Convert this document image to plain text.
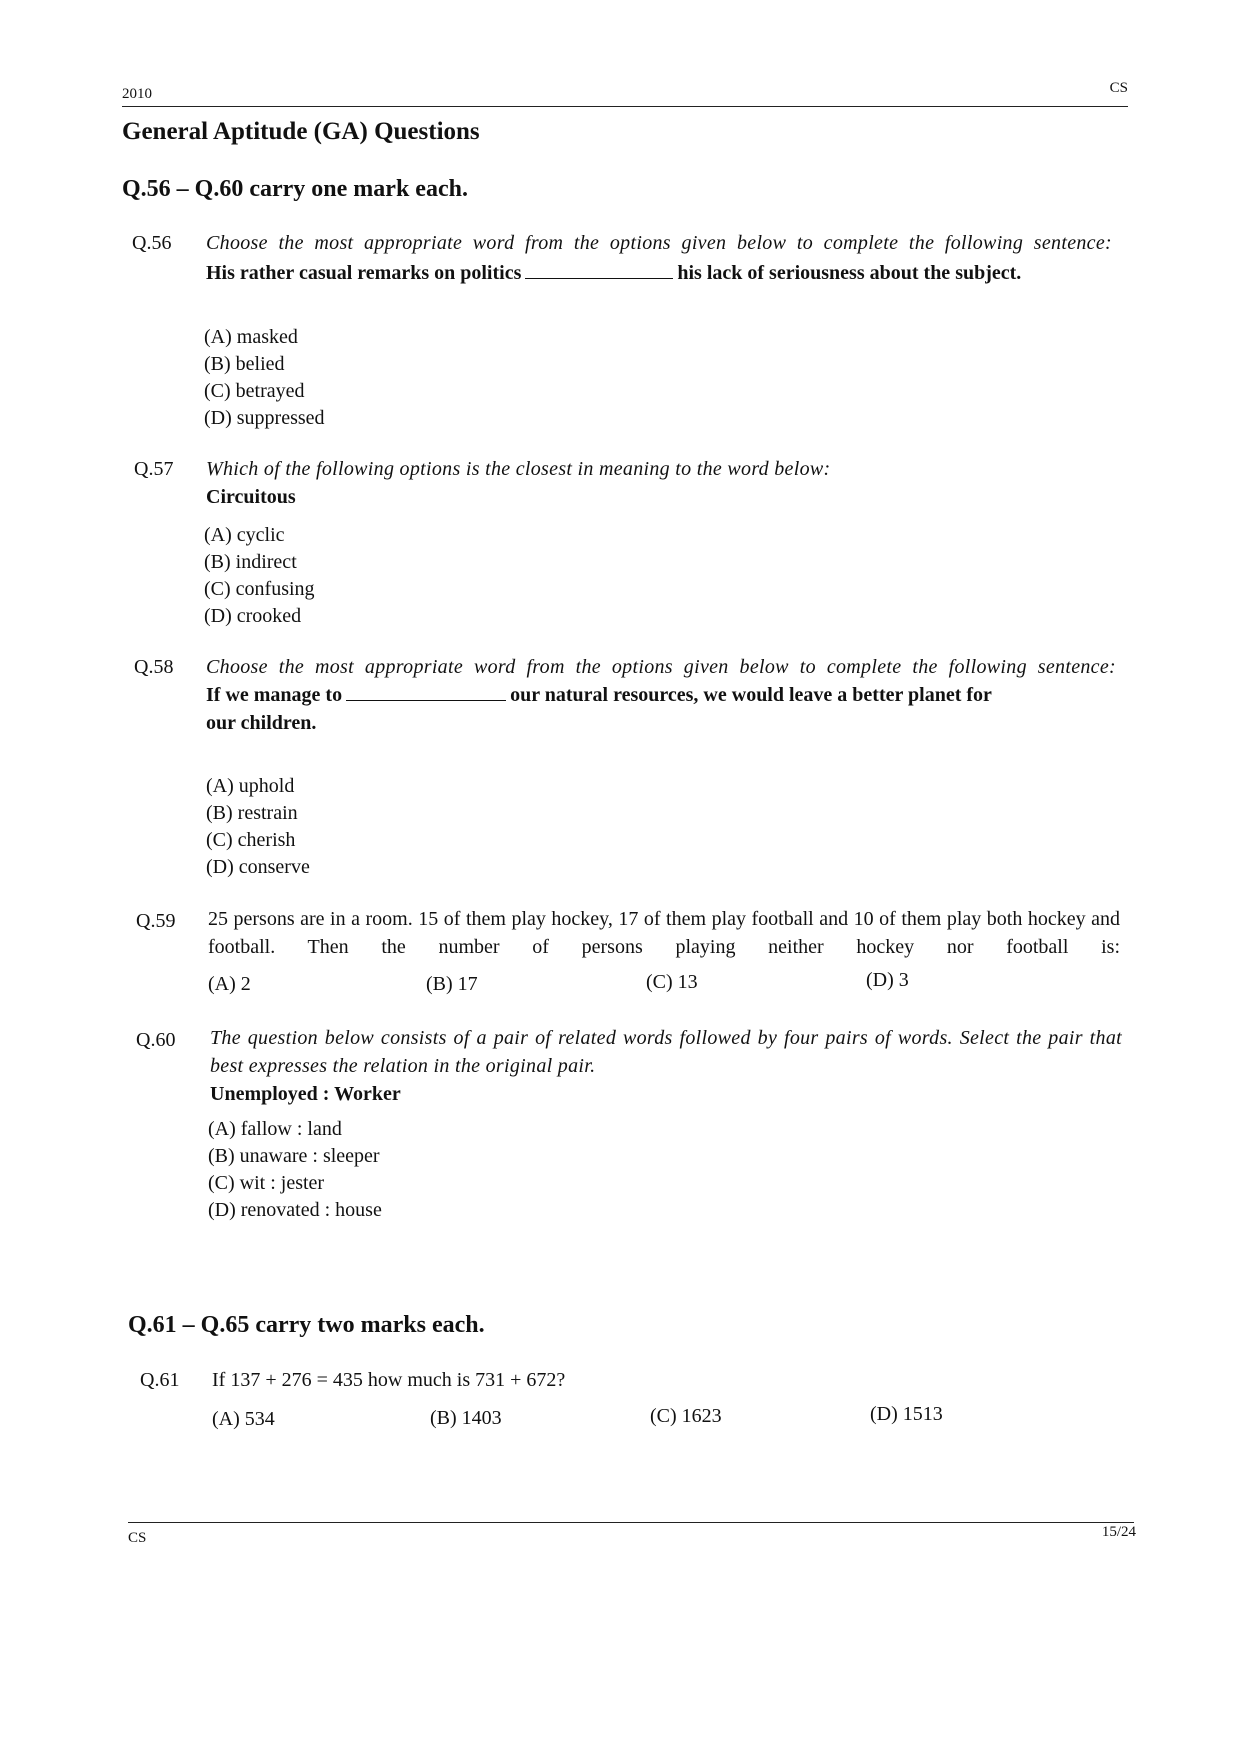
2010	CS
General Aptitude (GA) Questions
Q.56 – Q.60 carry one mark each.
Q.56 Choose the most appropriate word from the options given below to complete the following sentence:
His rather casual remarks on politics	his lack of seriousness about the subject.
(A) masked
(B) belied
(C) betrayed
(D) suppressed
Q.57 Which of the following options is the closest in meaning to the word below:
Circuitous
(A) cyclic
(B) indirect
(C) confusing
(D) crooked
Q.58 Choose the most appropriate word from the options given below to complete the following sentence:
If we manage to	our natural resources, we would leave a better planet for
our children.
(A) uphold
(B) restrain
(C) cherish
(D) conserve
Q.59 25 persons are in a room. 15 of them play hockey, 17 of them play football and 10 of them play both hockey and football. Then the number of persons playing neither hockey nor football is:
(A) 2	(B) 17	(C) 13	(D) 3
Q.60 The question below consists of a pair of related words followed by four pairs of words. Select the pair that best expresses the relation in the original pair.
Unemployed : Worker
(A) fallow : land
(B) unaware : sleeper
(C) wit : jester
(D) renovated : house
Q.61 – Q.65 carry two marks each.
Q.61 If 137 + 276 = 435 how much is 731 + 672?
(A) 534	(B) 1403	(C) 1623	(D) 1513
CS	15/24
